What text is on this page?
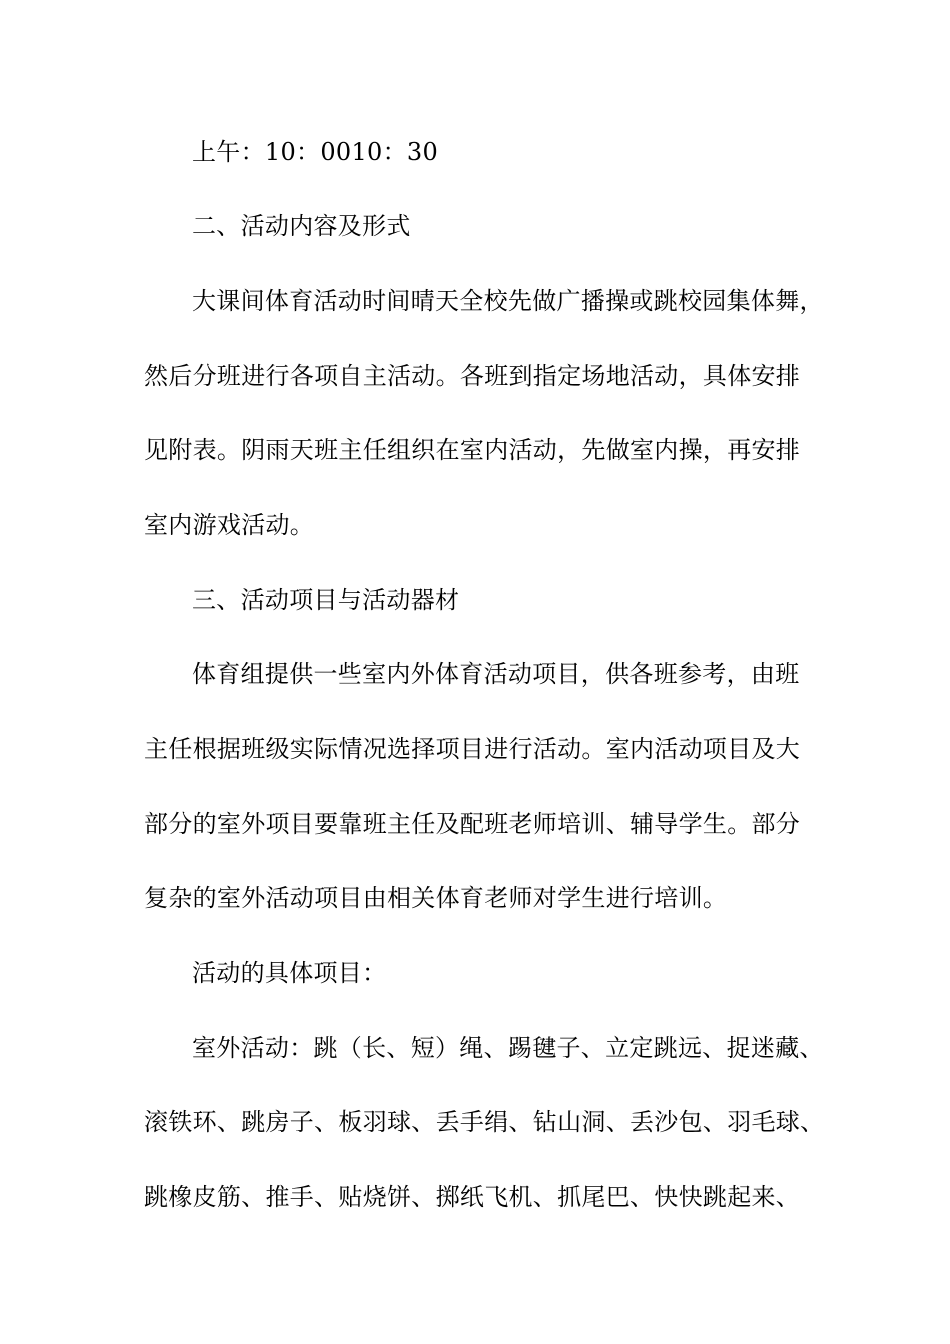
上午：10：0010：30
二、活动内容及形式
大课间体育活动时间晴天全校先做广播操或跳校园集体舞，
然后分班进行各项自主活动。各班到指定场地活动，具体安排
见附表。阴雨天班主任组织在室内活动，先做室内操，再安排
室内游戏活动。
三、活动项目与活动器材
体育组提供一些室内外体育活动项目，供各班参考，由班
主任根据班级实际情况选择项目进行活动。室内活动项目及大
部分的室外项目要靠班主任及配班老师培训、辅导学生。部分
复杂的室外活动项目由相关体育老师对学生进行培训。
活动的具体项目：
室外活动：跳（长、短）绳、踢毽子、立定跳远、捉迷藏、
滚铁环、跳房子、板羽球、丢手绢、钻山洞、丢沙包、羽毛球、
跳橡皮筋、推手、贴烧饼、掷纸飞机、抓尾巴、快快跳起来、
